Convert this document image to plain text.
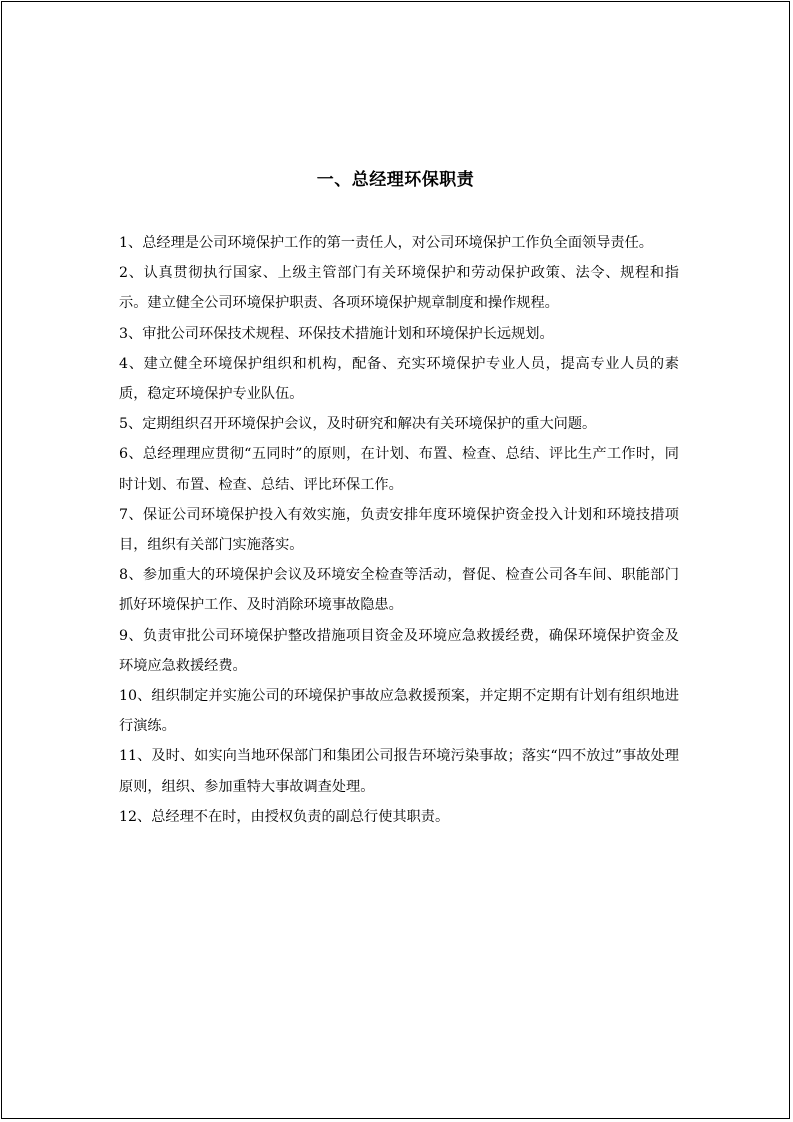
一、总经理环保职责

1、总经理是公司环境保护工作的第一责任人，对公司环境保护工作负全面领导责任。

2、认真贯彻执行国家、上级主管部门有关环境保护和劳动保护政策、法令、规程和指示。建立健全公司环境保护职责、各项环境保护规章制度和操作规程。

3、审批公司环保技术规程、环保技术措施计划和环境保护长远规划。

4、建立健全环境保护组织和机构，配备、充实环境保护专业人员，提高专业人员的素质，稳定环境保护专业队伍。

5、定期组织召开环境保护会议，及时研究和解决有关环境保护的重大问题。

6、总经理理应贯彻“五同时”的原则，在计划、布置、检查、总结、评比生产工作时，同时计划、布置、检查、总结、评比环保工作。

7、保证公司环境保护投入有效实施，负责安排年度环境保护资金投入计划和环境技措项目，组织有关部门实施落实。

8、参加重大的环境保护会议及环境安全检查等活动，督促、检查公司各车间、职能部门抓好环境保护工作、及时消除环境事故隐患。

9、负责审批公司环境保护整改措施项目资金及环境应急救援经费，确保环境保护资金及环境应急救援经费。

10、组织制定并实施公司的环境保护事故应急救援预案，并定期不定期有计划有组织地进行演练。

11、及时、如实向当地环保部门和集团公司报告环境污染事故；落实“四不放过”事故处理原则，组织、参加重特大事故调查处理。

12、总经理不在时，由授权负责的副总行使其职责。
